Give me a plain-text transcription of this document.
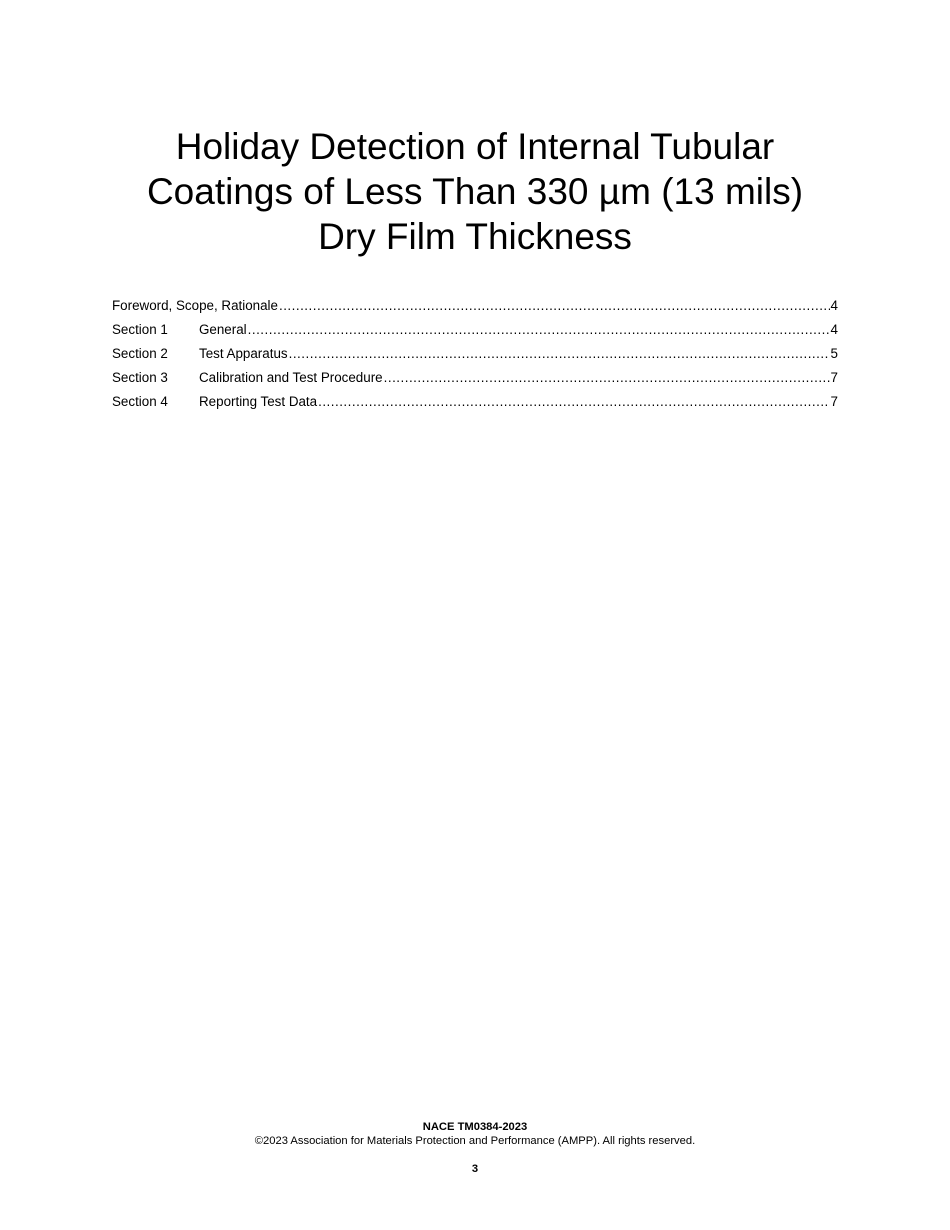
Holiday Detection of Internal Tubular
Coatings of Less Than 330 µm (13 mils)
Dry Film Thickness
Foreword, Scope, Rationale .....	4
Section 1	General .....	4
Section 2	Test Apparatus .....	5
Section 3	Calibration and Test Procedure .....	7
Section 4	Reporting Test Data .....	7
NACE TM0384-2023
©2023 Association for Materials Protection and Performance (AMPP). All rights reserved.
3
